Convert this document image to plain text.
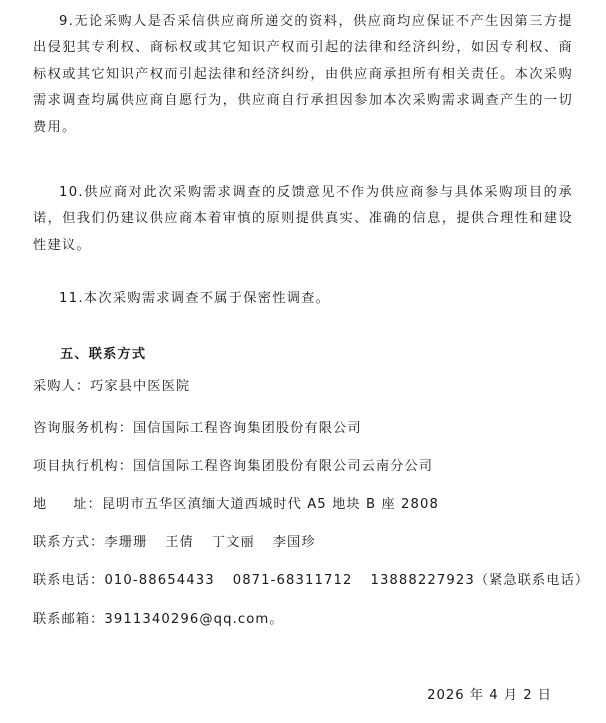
9.无论采购人是否采信供应商所递交的资料，供应商均应保证不产生因第三方提出侵犯其专利权、商标权或其它知识产权而引起的法律和经济纠纷，如因专利权、商标权或其它知识产权而引起法律和经济纠纷，由供应商承担所有相关责任。本次采购需求调查均属供应商自愿行为，供应商自行承担因参加本次采购需求调查产生的一切费用。

10.供应商对此次采购需求调查的反馈意见不作为供应商参与具体采购项目的承诺，但我们仍建议供应商本着审慎的原则提供真实、准确的信息，提供合理性和建设性建议。

11.本次采购需求调查不属于保密性调查。

五、联系方式

采购人：巧家县中医医院

咨询服务机构：国信国际工程咨询集团股份有限公司

项目执行机构：国信国际工程咨询集团股份有限公司云南分公司

地 址：昆明市五华区滇缅大道西城时代 A5 地块 B 座 2808

联系方式：李珊珊 王倩 丁文丽 李国珍

联系电话：010-88654433 0871-68311712 13888227923（紧急联系电话）

联系邮箱：3911340296@qq.com。

2026 年 4 月 2 日
